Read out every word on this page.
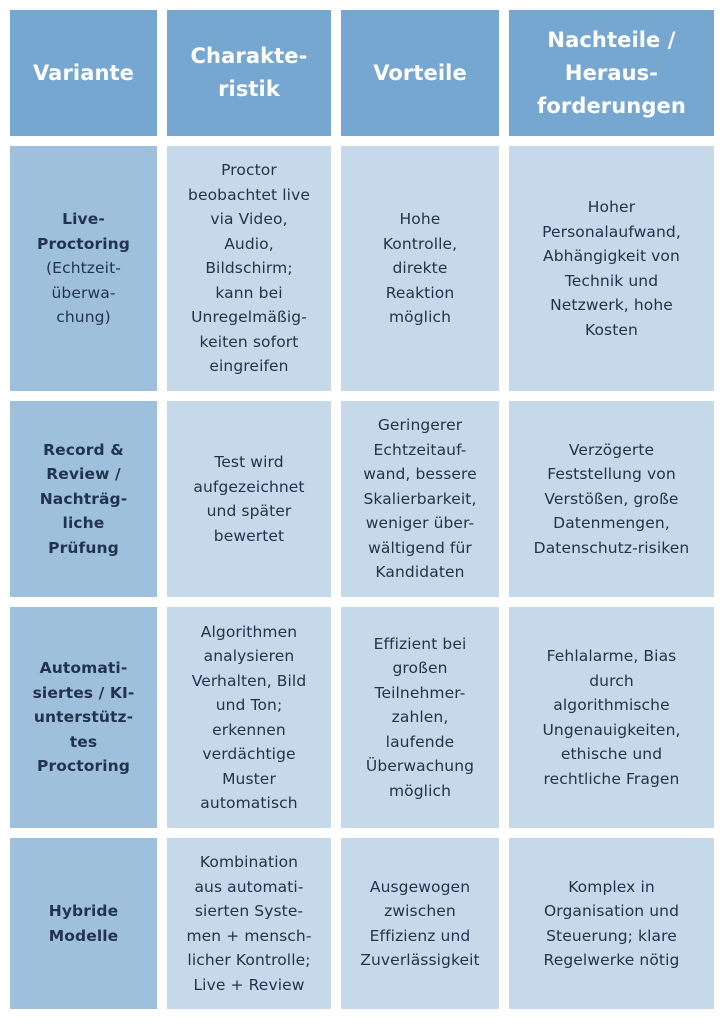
Variante
Charakte-
ristik
Vorteile
Nachteile /
Heraus-
forderungen
Live-
Proctoring
(Echtzeit-
überwa-
chung)
Proctor
beobachtet live
via Video,
Audio,
Bildschirm;
kann bei
Unregelmäßig-
keiten sofort
eingreifen
Hohe
Kontrolle,
direkte
Reaktion
möglich
Hoher
Personalaufwand,
Abhängigkeit von
Technik und
Netzwerk, hohe
Kosten
Record &
Review /
Nachträg-
liche
Prüfung
Test wird
aufgezeichnet
und später
bewertet
Geringerer
Echtzeitauf-
wand, bessere
Skalierbarkeit,
weniger über-
wältigend für
Kandidaten
Verzögerte
Feststellung von
Verstößen, große
Datenmengen,
Datenschutz-risiken
Automati-
siertes / KI-
unterstütz-
tes
Proctoring
Algorithmen
analysieren
Verhalten, Bild
und Ton;
erkennen
verdächtige
Muster
automatisch
Effizient bei
großen
Teilnehmer-
zahlen,
laufende
Überwachung
möglich
Fehlalarme, Bias
durch
algorithmische
Ungenauigkeiten,
ethische und
rechtliche Fragen
Hybride
Modelle
Kombination
aus automati-
sierten Syste-
men + mensch-
licher Kontrolle;
Live + Review
Ausgewogen
zwischen
Effizienz und
Zuverlässigkeit
Komplex in
Organisation und
Steuerung; klare
Regelwerke nötig
